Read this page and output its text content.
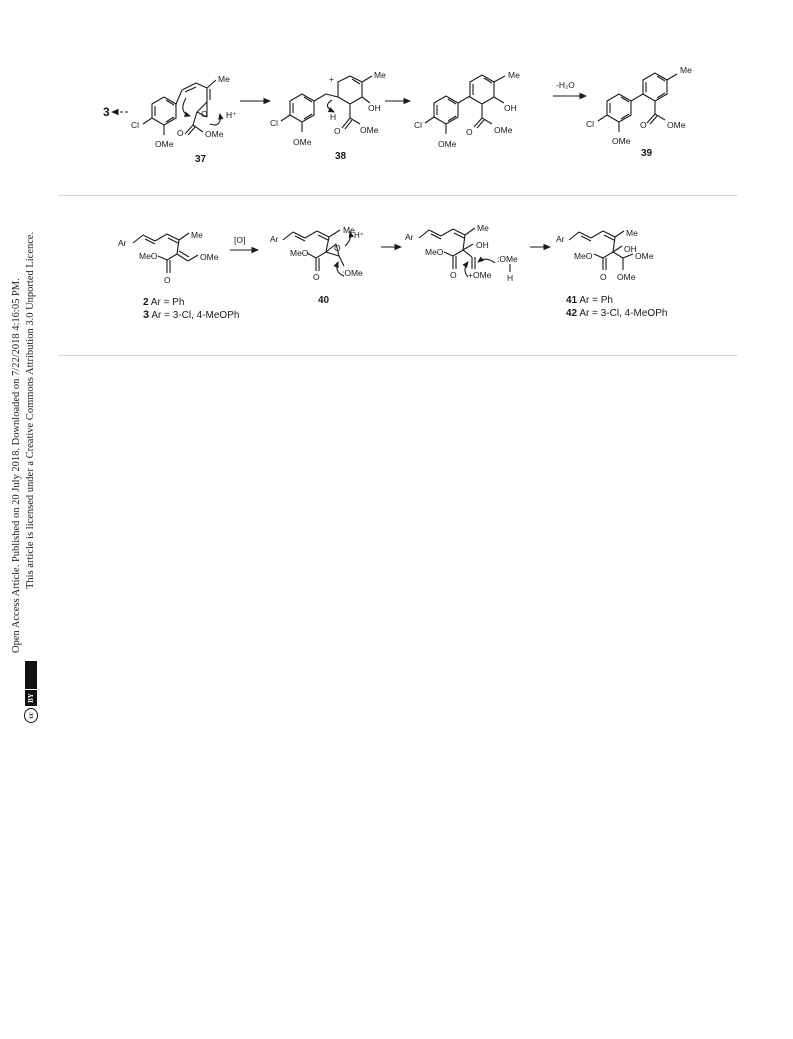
Open Access Article. Published on 20 July 2018. Downloaded on 7/22/2018 4:16:05 PM. This article is licensed under a Creative Commons Attribution 3.0 Unported Licence.
cc
BY
3
Me
O H⁺
O	OMe
Cl
OMe
37
+	Me
H
OH
O OMe
Cl
OMe
38
Me
OH
O	OMe
Cl
OMe
-H₂O
Me
O OMe
Cl
OMe
39
Ar
Me
MeO	OMe
O
2 Ar = Ph
3 Ar = 3-Cl, 4-MeOPh
[O]	Ar
Me
H⁺
O
MeO
O	:OMe
40
Ar
Me
OH
MeO
O +OMe
:OMe
H
Ar
Me
OH
MeO	OMe
O OMe
41 Ar = Ph
42 Ar = 3-Cl, 4-MeOPh
